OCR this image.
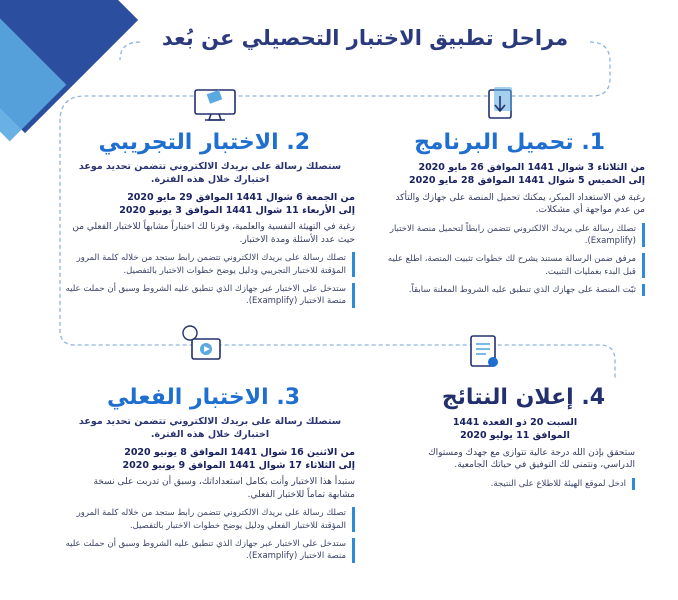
مراحل تطبيق الاختبار التحصيلي عن بُعد
1. تحميل البرنامج
من الثلاثاء 3 شوال 1441 الموافق 26 مايو 2020
إلى الخميس 5 شوال 1441 الموافق 28 مايو 2020
رغبة في الاستعداد المبكر، يمكنك تحميل المنصة على جهازك والتأكد من عدم مواجهة أي مشكلات.
تصلك رسالة على بريدك الالكتروني تتضمن رابطاً لتحميل منصة الاختبار (Examplify).
مرفق ضمن الرسالة مستند يشرح لك خطوات تثبيت المنصة، اطلع عليه قبل البدء بعمليات التثبيت.
ثبّت المنصة على جهازك الذي تنطبق عليه الشروط المعلنة سابقاً.
2. الاختبار التجريبي
ستصلك رسالة على بريدك الالكتروني تتضمن تحديد موعد اختبارك خلال هذه الفترة.
من الجمعة 6 شوال 1441 الموافق 29 مايو 2020
إلى الأربعاء 11 شوال 1441 الموافق 3 يونيو 2020
رغبة في التهيئة النفسية والعلمية، وفرنا لك اختباراً مشابهاً للاختبار الفعلي من حيث عدد الأسئلة ومدة الاختبار.
تصلك رسالة على بريدك الالكتروني تتضمن رابط ستجد من خلاله كلمة المرور المؤقتة للاختبار التجريبي ودليل يوضح خطوات الاختبار بالتفصيل.
ستدخل على الاختبار عبر جهازك الذي تنطبق عليه الشروط وسبق أن حملت عليه منصة الاختبار (Examplify).
3. الاختبار الفعلي
ستصلك رسالة على بريدك الالكتروني تتضمن تحديد موعد اختبارك خلال هذه الفترة.
من الاثنين 16 شوال 1441 الموافق 8 يونيو 2020
إلى الثلاثاء 17 شوال 1441 الموافق 9 يونيو 2020
ستبدأ هذا الاختبار وأنت بكامل استعداداتك، وسبق أن تدربت على نسخة مشابهة تماماً للاختبار الفعلي.
تصلك رسالة على بريدك الالكتروني تتضمن رابط ستجد من خلاله كلمة المرور المؤقتة للاختبار الفعلي ودليل يوضح خطوات الاختبار بالتفصيل.
ستدخل على الاختبار عبر جهازك الذي تنطبق عليه الشروط وسبق أن حملت عليه منصة الاختبار (Examplify).
4. إعلان النتائج
السبت 20 ذو القعدة 1441
الموافق 11 يوليو 2020
ستحقق بإذن الله درجة عالية تتوازى مع جهدك ومستواك الدراسي، ونتمنى لك التوفيق في حياتك الجامعية.
ادخل لموقع الهيئة للاطلاع على النتيجة.
